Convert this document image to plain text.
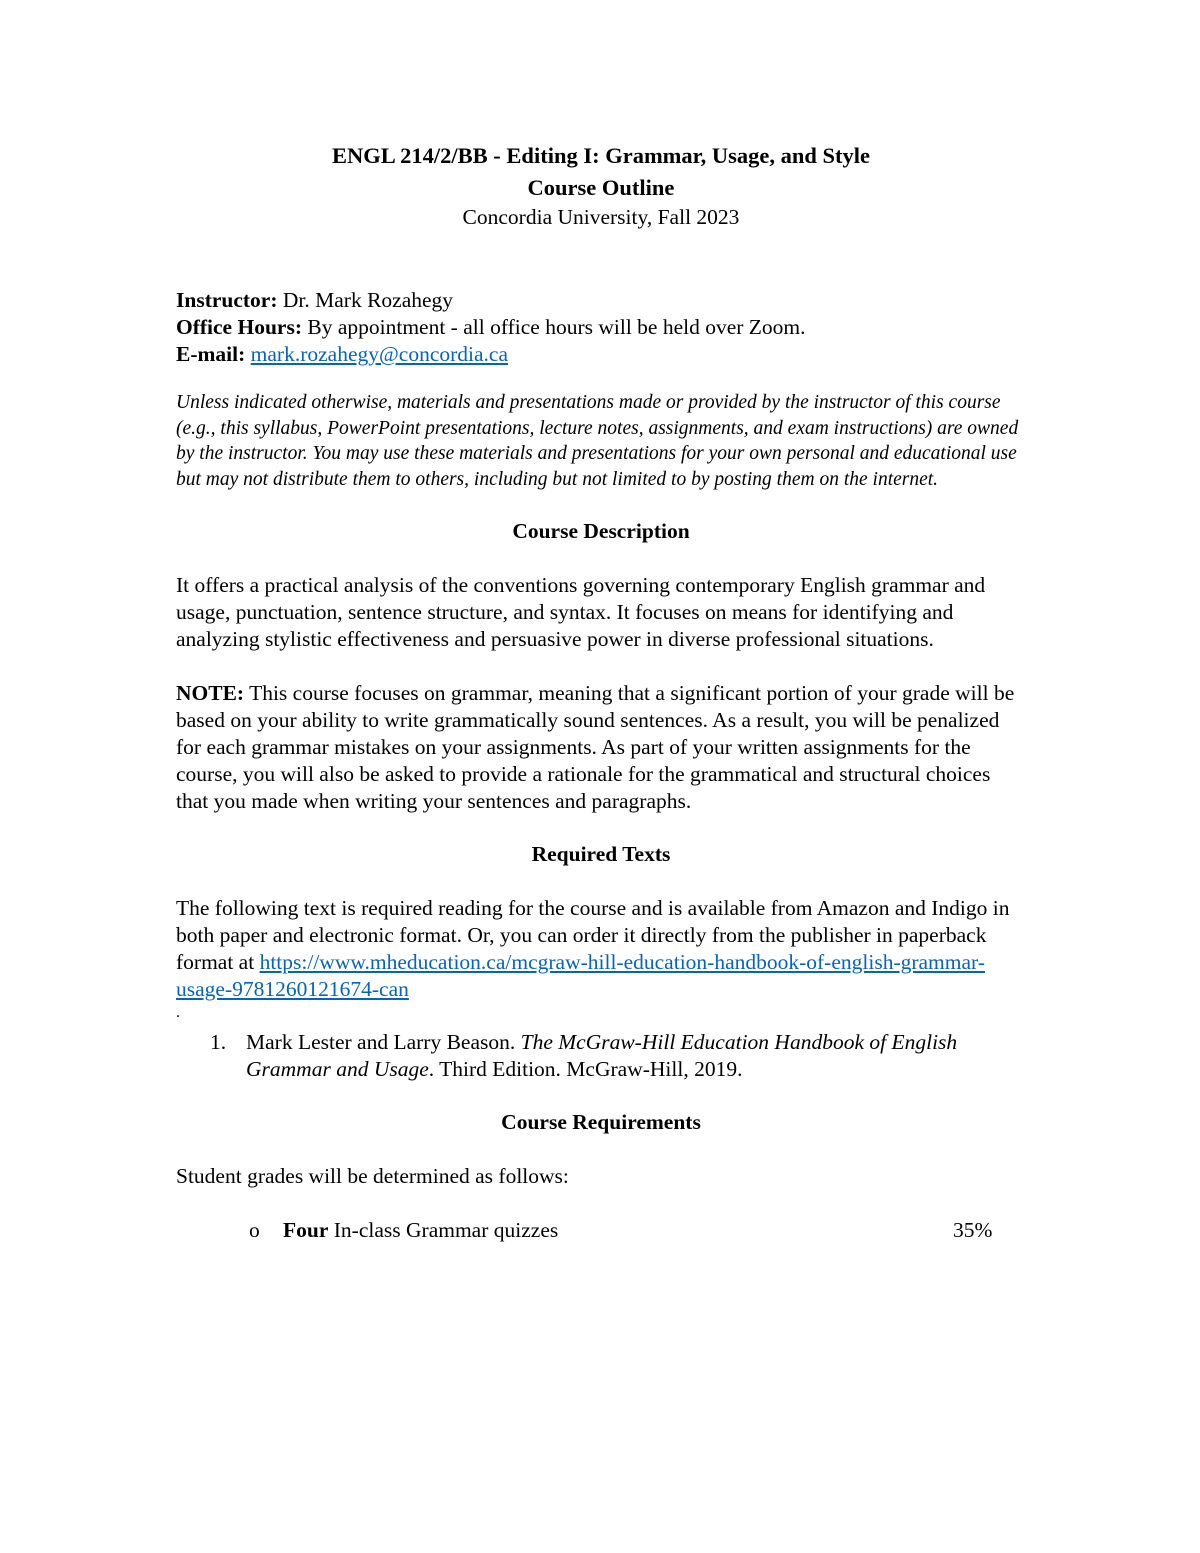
ENGL 214/2/BB - Editing I: Grammar, Usage, and Style
Course Outline
Concordia University, Fall 2023

Instructor: Dr. Mark Rozahegy

Office Hours: By appointment - all office hours will be held over Zoom.

E-mail: mark.rozahegy@concordia.ca

Unless indicated otherwise, materials and presentations made or provided by the instructor of this course (e.g., this syllabus, PowerPoint presentations, lecture notes, assignments, and exam instructions) are owned by the instructor. You may use these materials and presentations for your own personal and educational use but may not distribute them to others, including but not limited to by posting them on the internet.

Course Description

It offers a practical analysis of the conventions governing contemporary English grammar and usage, punctuation, sentence structure, and syntax. It focuses on means for identifying and analyzing stylistic effectiveness and persuasive power in diverse professional situations.

NOTE: This course focuses on grammar, meaning that a significant portion of your grade will be based on your ability to write grammatically sound sentences. As a result, you will be penalized for each grammar mistakes on your assignments. As part of your written assignments for the course, you will also be asked to provide a rationale for the grammatical and structural choices that you made when writing your sentences and paragraphs.

Required Texts

The following text is required reading for the course and is available from Amazon and Indigo in both paper and electronic format. Or, you can order it directly from the publisher in paperback format at https://www.mheducation.ca/mcgraw-hill-education-handbook-of-english-grammar-usage-9781260121674-can

.

1. Mark Lester and Larry Beason. The McGraw-Hill Education Handbook of English Grammar and Usage. Third Edition. McGraw-Hill, 2019.
Course Requirements

Student grades will be determined as follows:

o Four In-class Grammar quizzes	35%
